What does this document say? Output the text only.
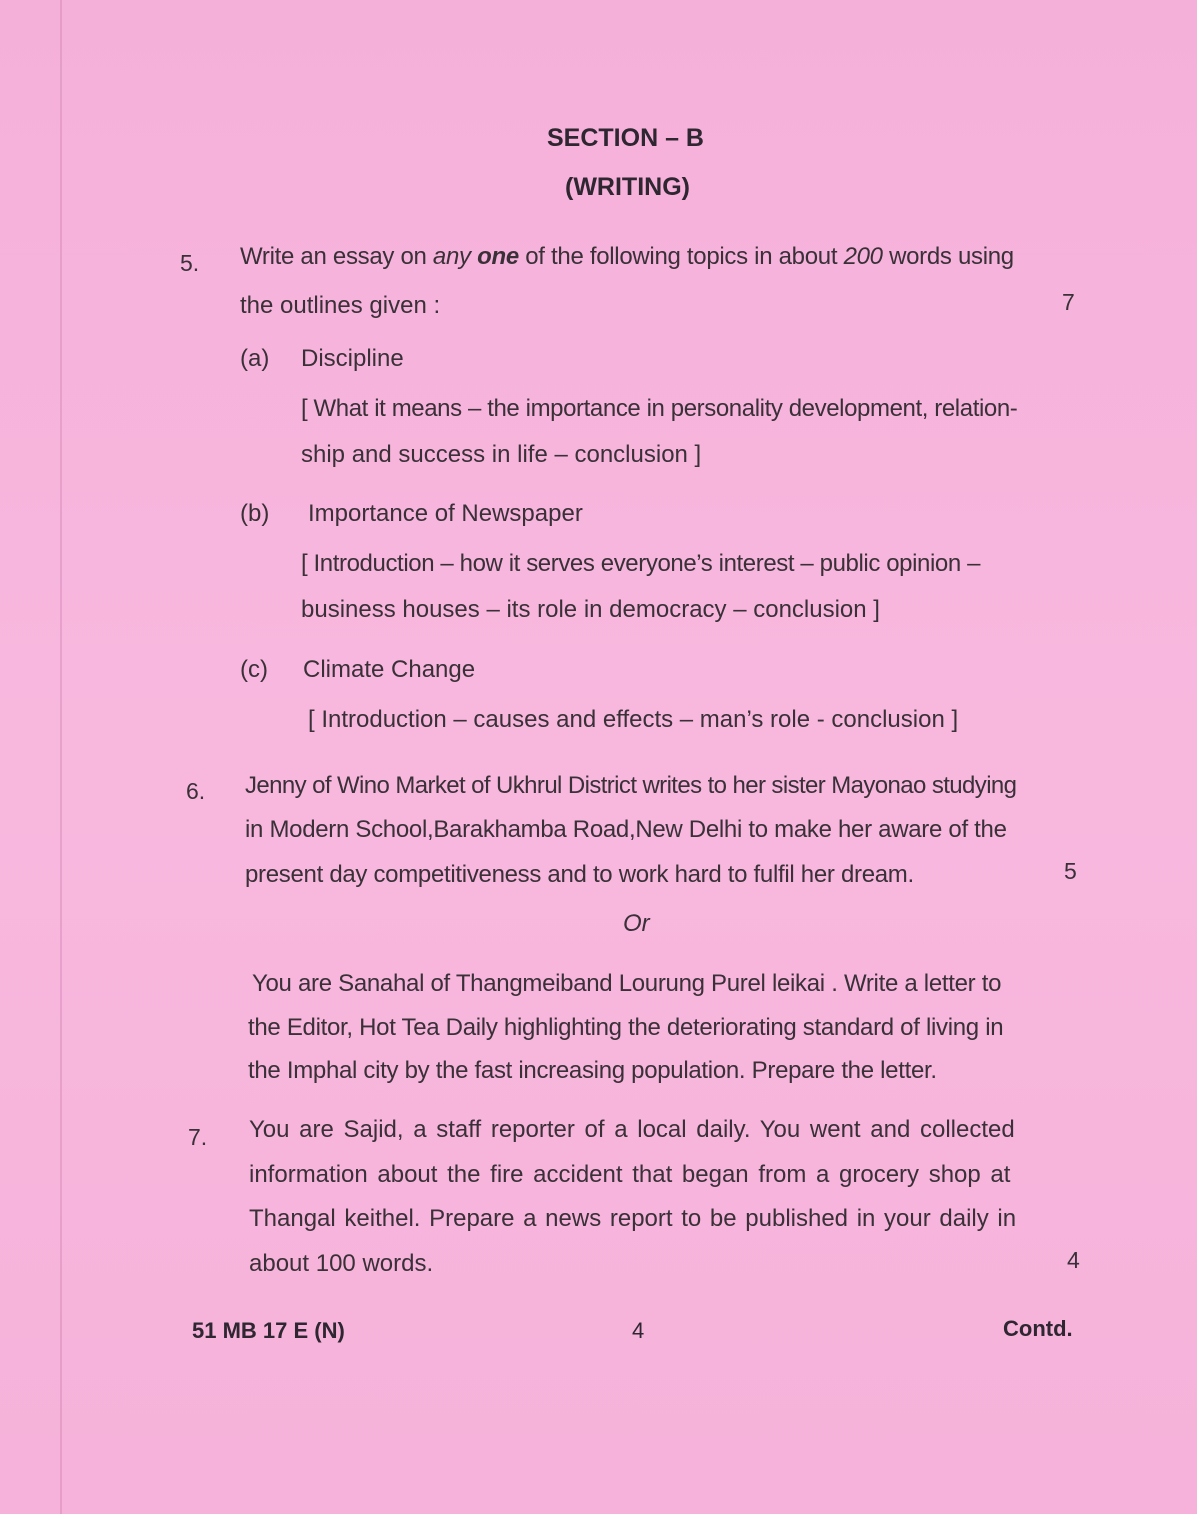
SECTION – B
(WRITING)
5. Write an essay on any one of the following topics in about 200 words using
the outlines given :	7
(a) Discipline
[ What it means – the importance in personality development, relation-
ship and success in life – conclusion ]
(b) Importance of Newspaper
[ Introduction – how it serves everyone’s interest – public opinion –
business houses – its role in democracy – conclusion ]
(c) Climate Change
[ Introduction – causes and effects – man’s role - conclusion ]
6. Jenny of Wino Market of Ukhrul District writes to her sister Mayonao studying
in Modern School,Barakhamba Road,New Delhi to make her aware of the
present day competitiveness and to work hard to fulfil her dream.	5
Or
You are Sanahal of Thangmeiband Lourung Purel leikai . Write a letter to
the Editor, Hot Tea Daily highlighting the deteriorating standard of living in
the Imphal city by the fast increasing population. Prepare the letter.
7. You are Sajid, a staff reporter of a local daily. You went and collected
information about the fire accident that began from a grocery shop at
Thangal keithel. Prepare a news report to be published in your daily in
about 100 words.	4
51 MB 17 E (N)	4	Contd.
